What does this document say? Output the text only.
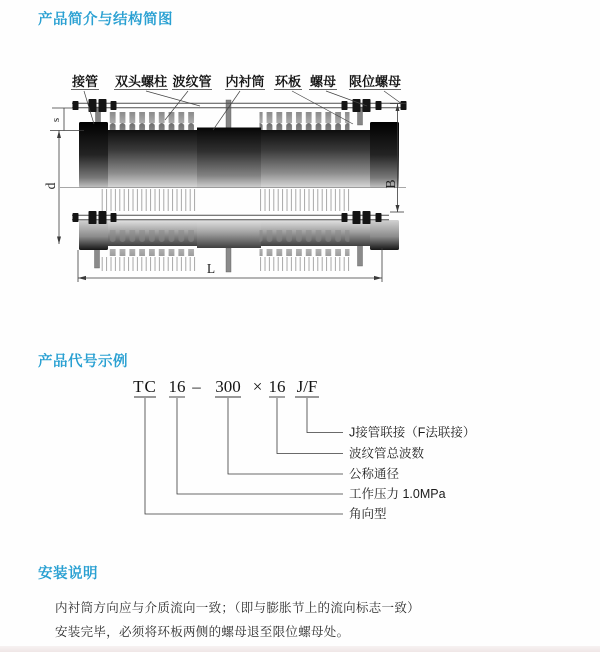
产品简介与结构简图
s
d	B
L
接管 双头螺柱 波纹管 内衬筒 环板 螺母 限位螺母
产品代号示例
TC 16 – 300 × 16 J/F
J接管联接（F法联接）
波纹管总波数
公称通径
工作压力 1.0MPa
角向型
安装说明

内衬筒方向应与介质流向一致；（即与膨胀节上的流向标志一致）

安装完毕，必须将环板两侧的螺母退至限位螺母处。
